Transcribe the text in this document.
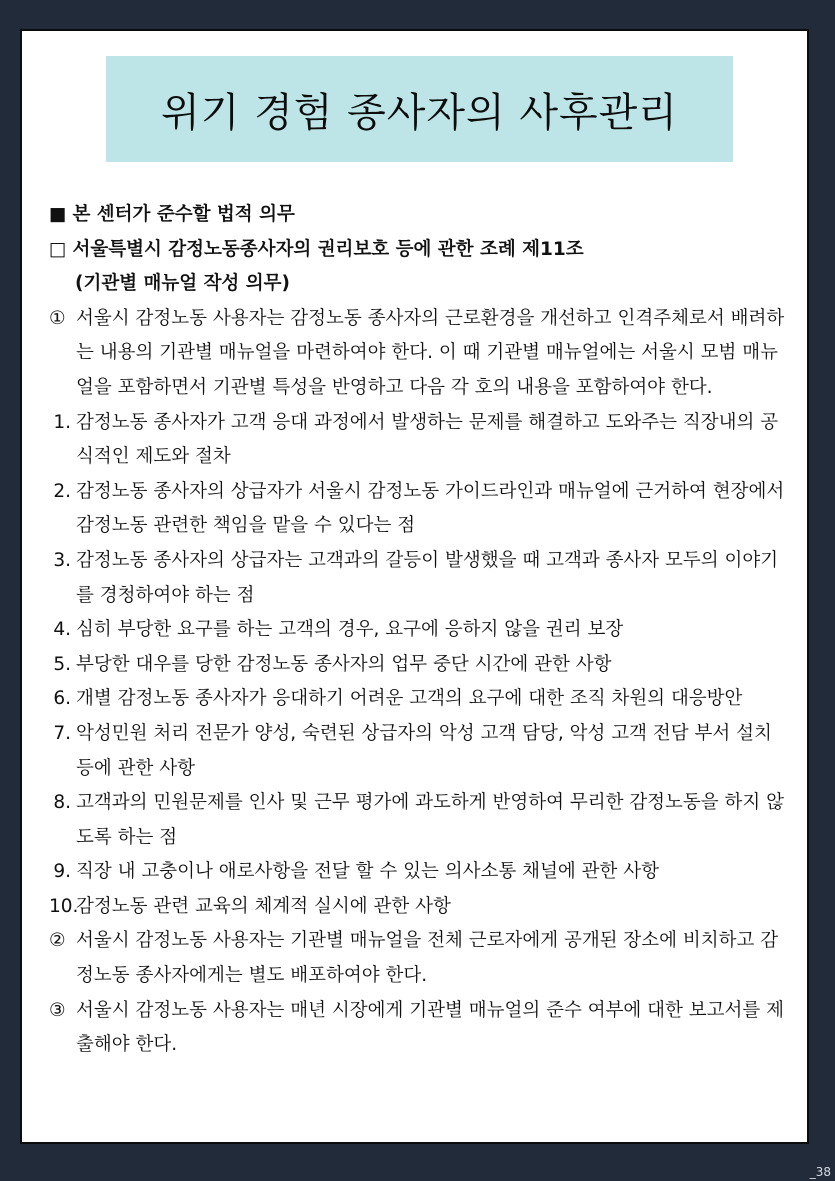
위기 경험 종사자의 사후관리
■ 본 센터가 준수할 법적 의무
□ 서울특별시 감정노동종사자의 권리보호 등에 관한 조례 제11조
(기관별 매뉴얼 작성 의무)
① 서울시 감정노동 사용자는 감정노동 종사자의 근로환경을 개선하고 인격주체로서 배려하는 내용의 기관별 매뉴얼을 마련하여야 한다. 이 때 기관별 매뉴얼에는 서울시 모범 매뉴얼을 포함하면서 기관별 특성을 반영하고 다음 각 호의 내용을 포함하여야 한다.
1. 감정노동 종사자가 고객 응대 과정에서 발생하는 문제를 해결하고 도와주는 직장내의 공식적인 제도와 절차
2. 감정노동 종사자의 상급자가 서울시 감정노동 가이드라인과 매뉴얼에 근거하여 현장에서 감정노동 관련한 책임을 맡을 수 있다는 점
3. 감정노동 종사자의 상급자는 고객과의 갈등이 발생했을 때 고객과 종사자 모두의 이야기를 경청하여야 하는 점
4. 심히 부당한 요구를 하는 고객의 경우, 요구에 응하지 않을 권리 보장
5. 부당한 대우를 당한 감정노동 종사자의 업무 중단 시간에 관한 사항
6. 개별 감정노동 종사자가 응대하기 어려운 고객의 요구에 대한 조직 차원의 대응방안
7. 악성민원 처리 전문가 양성, 숙련된 상급자의 악성 고객 담당, 악성 고객 전담 부서 설치 등에 관한 사항
8. 고객과의 민원문제를 인사 및 근무 평가에 과도하게 반영하여 무리한 감정노동을 하지 않도록 하는 점
9. 직장 내 고충이나 애로사항을 전달 할 수 있는 의사소통 채널에 관한 사항
10.
감정노동 관련 교육의 체계적 실시에 관한 사항
② 서울시 감정노동 사용자는 기관별 매뉴얼을 전체 근로자에게 공개된 장소에 비치하고 감정노동 종사자에게는 별도 배포하여야 한다.
③ 서울시 감정노동 사용자는 매년 시장에게 기관별 매뉴얼의 준수 여부에 대한 보고서를 제출해야 한다.
_38
